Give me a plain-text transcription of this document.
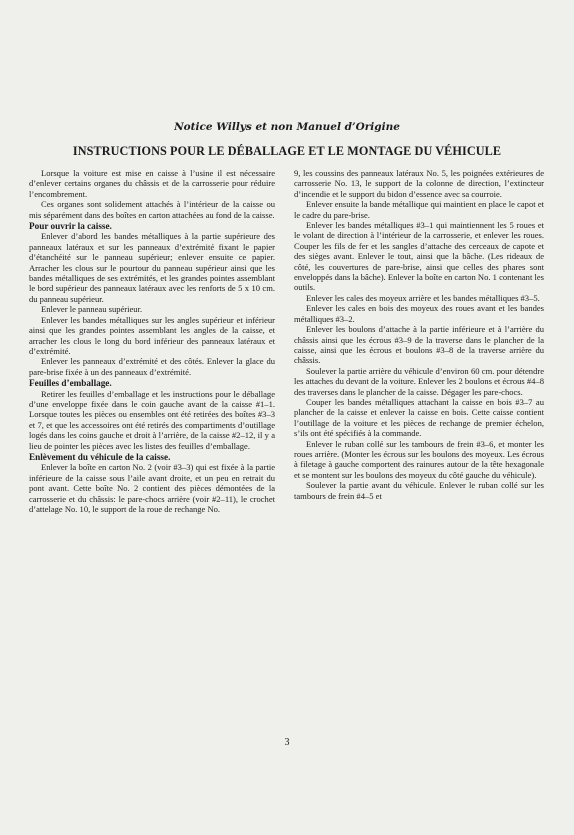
Notice Willys et non Manuel d’Origine
INSTRUCTIONS POUR LE DÉBALLAGE ET LE MONTAGE DU VÉHICULE

Lorsque la voiture est mise en caisse à l’usine il est nécessaire d’enlever certains organes du châssis et de la carrosserie pour réduire l’encombrement.

Ces organes sont solidement attachés à l’intérieur de la caisse ou mis séparément dans des boîtes en carton attachées au fond de la caisse.

Pour ouvrir la caisse.

Enlever d’abord les bandes métalliques à la partie supérieure des panneaux latéraux et sur les panneaux d’extrémité fixant le papier d’étanchéité sur le panneau supérieur; enlever ensuite ce papier. Arracher les clous sur le pourtour du panneau supérieur ainsi que les bandes métalliques de ses extrémités, et les grandes pointes assemblant le bord supérieur des panneaux latéraux avec les renforts de 5 x 10 cm. du panneau supérieur.

Enlever le panneau supérieur.

Enlever les bandes métalliques sur les angles supérieur et inférieur ainsi que les grandes pointes assemblant les angles de la caisse, et arracher les clous le long du bord inférieur des panneaux latéraux et d’extrémité.

Enlever les panneaux d’extrémité et des côtés. Enlever la glace du pare-brise fixée à un des panneaux d’extrémité.

Feuilles d’emballage.

Retirer les feuilles d’emballage et les instructions pour le déballage d’une enveloppe fixée dans le coin gauche avant de la caisse #1–1. Lorsque toutes les pièces ou ensembles ont été retirées des boîtes #3–3 et 7, et que les accessoires ont été retirés des compartiments d’outillage logés dans les coins gauche et droit à l’arrière, de la caisse #2–12, il y a lieu de pointer les pièces avec les listes des feuilles d’emballage.

Enlèvement du véhicule de la caisse.

Enlever la boîte en carton No. 2 (voir #3–3) qui est fixée à la partie inférieure de la caisse sous l’aile avant droite, et un peu en retrait du pont avant. Cette boîte No. 2 contient des pièces démontées de la carrosserie et du châssis: le pare-chocs arrière (voir #2–11), le crochet d’attelage No. 10, le support de la roue de rechange No.

9, les coussins des panneaux latéraux No. 5, les poignées extérieures de carrosserie No. 13, le support de la colonne de direction, l’extincteur d’incendie et le support du bidon d’essence avec sa courroie.

Enlever ensuite la bande métallique qui maintient en place le capot et le cadre du pare-brise.

Enlever les bandes métalliques #3–1 qui maintiennent les 5 roues et le volant de direction à l’intérieur de la carrosserie, et enlever les roues. Couper les fils de fer et les sangles d’attache des cerceaux de capote et des sièges avant. Enlever le tout, ainsi que la bâche. (Les rideaux de côté, les couvertures de pare-brise, ainsi que celles des phares sont enveloppés dans la bâche). Enlever la boîte en carton No. 1 contenant les outils.

Enlever les cales des moyeux arrière et les bandes métalliques #3–5.

Enlever les cales en bois des moyeux des roues avant et les bandes métalliques #3–2.

Enlever les boulons d’attache à la partie inférieure et à l’arrière du châssis ainsi que les écrous #3–9 de la traverse dans le plancher de la caisse, ainsi que les écrous et boulons #3–8 de la traverse arrière du châssis.

Soulever la partie arrière du véhicule d’environ 60 cm. pour détendre les attaches du devant de la voiture. Enlever les 2 boulons et écrous #4–8 des traverses dans le plancher de la caisse. Dégager les pare-chocs.

Couper les bandes métalliques attachant la caisse en bois #3–7 au plancher de la caisse et enlever la caisse en bois. Cette caisse contient l’outillage de la voiture et les pièces de rechange de premier échelon, s’ils ont été spécifiés à la commande.

Enlever le ruban collé sur les tambours de frein #3–6, et monter les roues arrière. (Monter les écrous sur les boulons des moyeux. Les écrous à filetage à gauche comportent des rainures autour de la tête hexagonale et se montent sur les boulons des moyeux du côté gauche du véhicule).

Soulever la partie avant du véhicule. Enlever le ruban collé sur les tambours de frein #4–5 et

3
